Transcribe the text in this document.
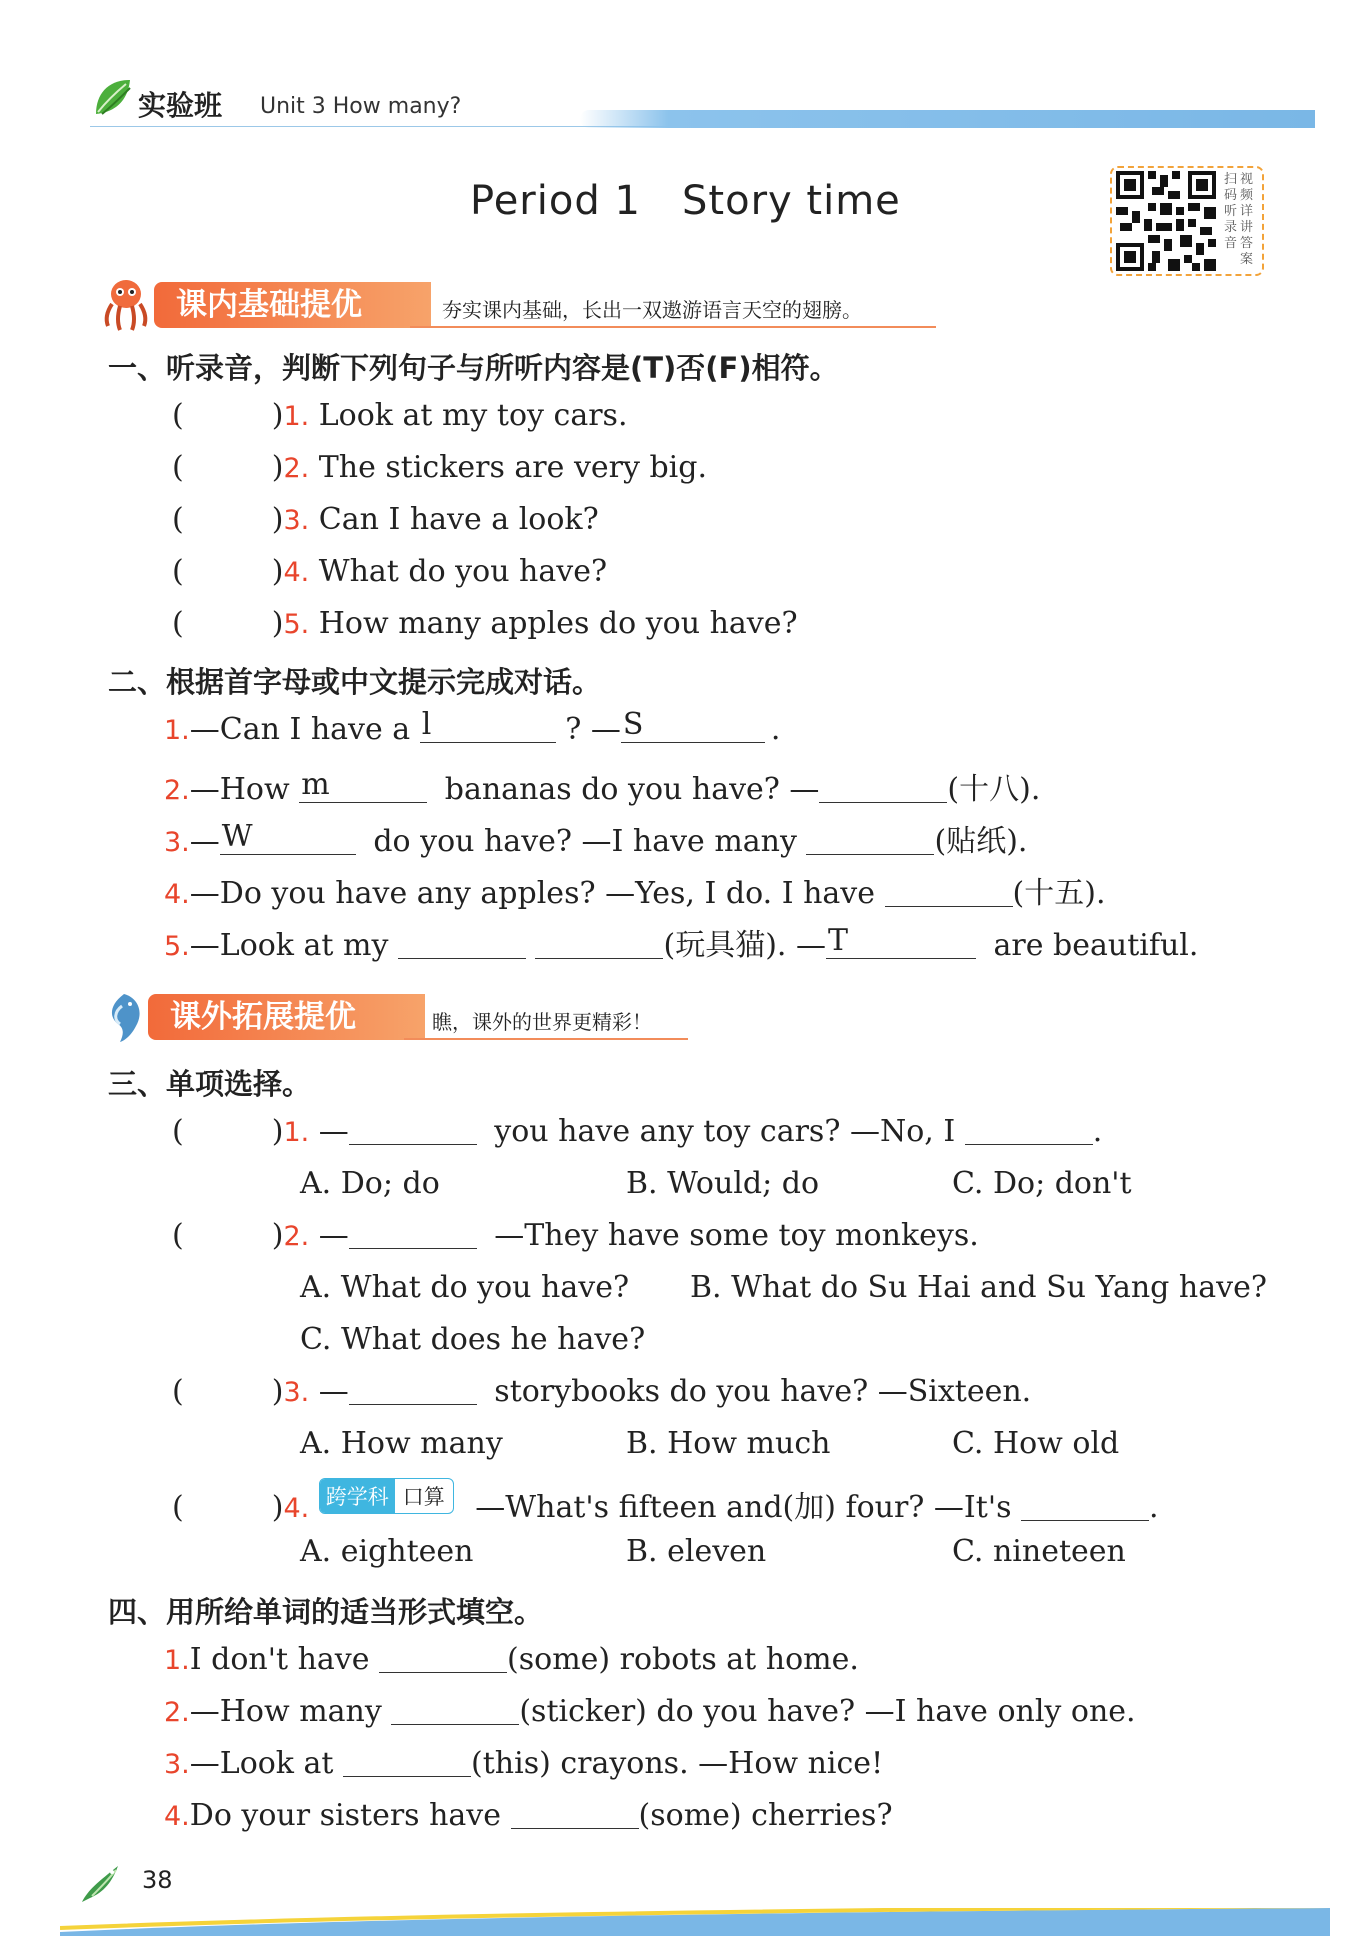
实验班 Unit 3 How many?
Period 1   Story time	扫码听录音
视频详讲答案
课内基础提优	夯实课内基础，长出一双遨游语言天空的翅膀。
一、听录音，判断下列句子与所听内容是(T)否(F)相符。
(	)1. Look at my toy cars.
(	)2. The stickers are very big.
(	)3. Can I have a look?
(	)4. What do you have?
(	)5. How many apples do you have?
二、根据首字母或中文提示完成对话。
1.—Can I have a l	? — S	.
2.—How m	bananas do you have? —	(十八).
3.— W	do you have? —I have many	(贴纸).
4.—Do you have any apples? —Yes, I do. I have	(十五).
5.—Look at my	(玩具猫). — T	are beautiful.
课外拓展提优	瞧，课外的世界更精彩！
三、单项选择。
(	)1. —	you have any toy cars? —No, I	.
A. Do; do	B. Would; do	C. Do; don't
(	)2. —	—They have some toy monkeys.
A. What do you have? B. What do Su Hai and Su Yang have?
C. What does he have?
(	)3. —	storybooks do you have? —Sixteen.
A. How many	B. How much	C. How old
(	)4. 跨学科 口算 —What's fifteen and(加) four? —It's	.
A. eighteen	B. eleven	C. nineteen
四、用所给单词的适当形式填空。
1.I don't have	(some) robots at home.
2.—How many	(sticker) do you have? —I have only one.
3.—Look at	(this) crayons. —How nice!
4.Do your sisters have	(some) cherries?
38
